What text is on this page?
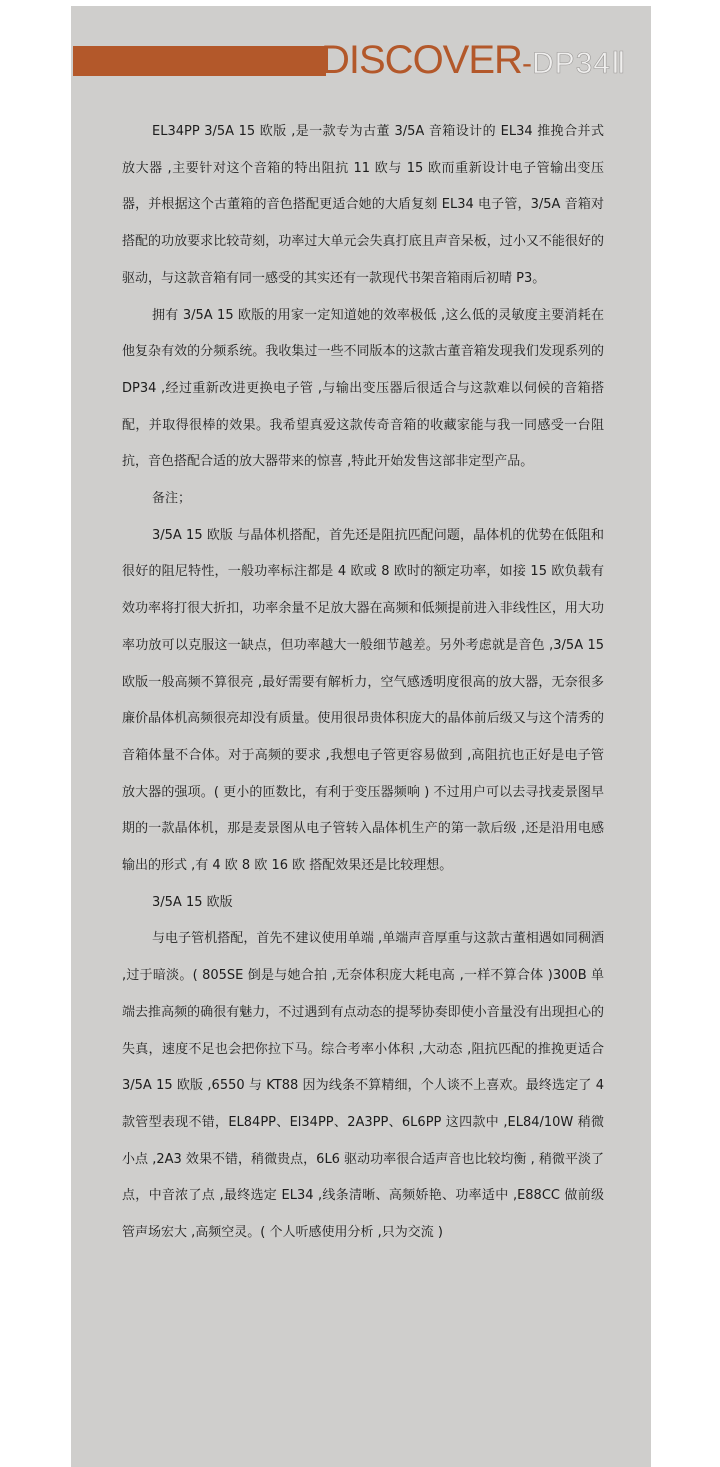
DISCOVER-DP34Ⅱ

EL34PP 3/5A 15 欧版 ,是一款专为古董 3/5A 音箱设计的 EL34 推挽合并式放大器 ,主要针对这个音箱的特出阻抗 11 欧与 15 欧而重新设计电子管输出变压器，并根据这个古董箱的音色搭配更适合她的大盾复刻 EL34 电子管，3/5A 音箱对搭配的功放要求比较苛刻，功率过大单元会失真打底且声音呆板，过小又不能很好的驱动，与这款音箱有同一感受的其实还有一款现代书架音箱雨后初晴 P3。

拥有 3/5A 15 欧版的用家一定知道她的效率极低 ,这么低的灵敏度主要消耗在他复杂有效的分频系统。我收集过一些不同版本的这款古董音箱发现我们发现系列的 DP34 ,经过重新改进更换电子管 ,与输出变压器后很适合与这款难以伺候的音箱搭配，并取得很棒的效果。我希望真爱这款传奇音箱的收藏家能与我一同感受一台阻抗，音色搭配合适的放大器带来的惊喜 ,特此开始发售这部非定型产品。

备注；

3/5A 15 欧版 与晶体机搭配，首先还是阻抗匹配问题，晶体机的优势在低阻和很好的阻尼特性，一般功率标注都是 4 欧或 8 欧时的额定功率，如接 15 欧负载有效功率将打很大折扣，功率余量不足放大器在高频和低频提前进入非线性区，用大功率功放可以克服这一缺点，但功率越大一般细节越差。另外考虑就是音色 ,3/5A 15 欧版一般高频不算很亮 ,最好需要有解析力，空气感透明度很高的放大器，无奈很多廉价晶体机高频很亮却没有质量。使用很昂贵体积庞大的晶体前后级又与这个清秀的音箱体量不合体。对于高频的要求 ,我想电子管更容易做到 ,高阻抗也正好是电子管放大器的强项。( 更小的匝数比，有利于变压器频响 ) 不过用户可以去寻找麦景图早期的一款晶体机，那是麦景图从电子管转入晶体机生产的第一款后级 ,还是沿用电感输出的形式 ,有 4 欧 8 欧 16 欧 搭配效果还是比较理想。

3/5A 15 欧版

与电子管机搭配，首先不建议使用单端 ,单端声音厚重与这款古董相遇如同稠酒 ,过于暗淡。( 805SE 倒是与她合拍 ,无奈体积庞大耗电高 ,一样不算合体 )300B 单端去推高频的确很有魅力，不过遇到有点动态的提琴协奏即使小音量没有出现担心的失真，速度不足也会把你拉下马。综合考率小体积 ,大动态 ,阻抗匹配的推挽更适合 3/5A 15 欧版 ,6550 与 KT88 因为线条不算精细，个人谈不上喜欢。最终选定了 4 款管型表现不错，EL84PP、El34PP、2A3PP、6L6PP 这四款中 ,EL84/10W 稍微小点 ,2A3 效果不错，稍微贵点，6L6 驱动功率很合适声音也比较均衡 , 稍微平淡了点，中音浓了点 ,最终选定 EL34 ,线条清晰、高频娇艳、功率适中 ,E88CC 做前级管声场宏大 ,高频空灵。( 个人听感使用分析 ,只为交流 )
